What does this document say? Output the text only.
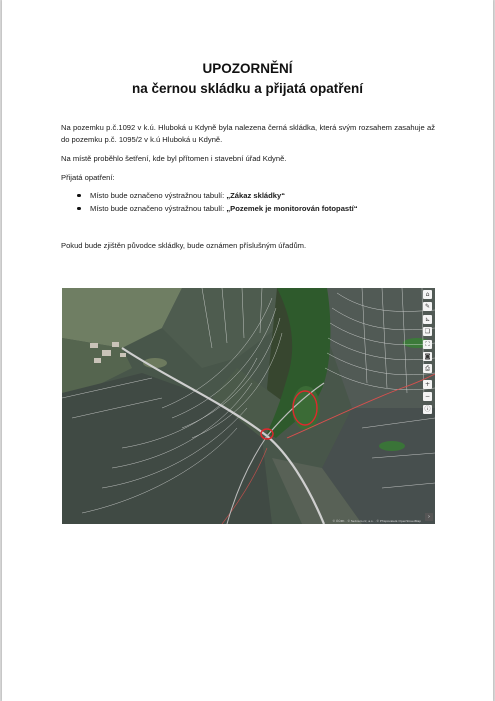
UPOZORNĚNÍ
na černou skládku a přijatá opatření
Na pozemku p.č.1092 v k.ú. Hluboká u Kdyně byla nalezena černá skládka, která svým rozsahem zasahuje až do pozemku p.č. 1095/2 v k.ú Hluboká u Kdyně.
Na místě proběhlo šetření, kde byl přítomen i stavební úřad Kdyně.
Přijatá opatření:
Místo bude označeno výstražnou tabulí: „Zákaz skládky“
Místo bude označeno výstražnou tabulí: „Pozemek je monitorován fotopastí“
Pokud bude zjištěn původce skládky, bude oznámen příslušným úřadům.
⌂
✎
⊾
❏
⛶
◙
⎙
+
−
ⓘ
© ČÚZK · © Seznam.cz, a.s. · © Přispěvatelé OpenStreetMap
›
